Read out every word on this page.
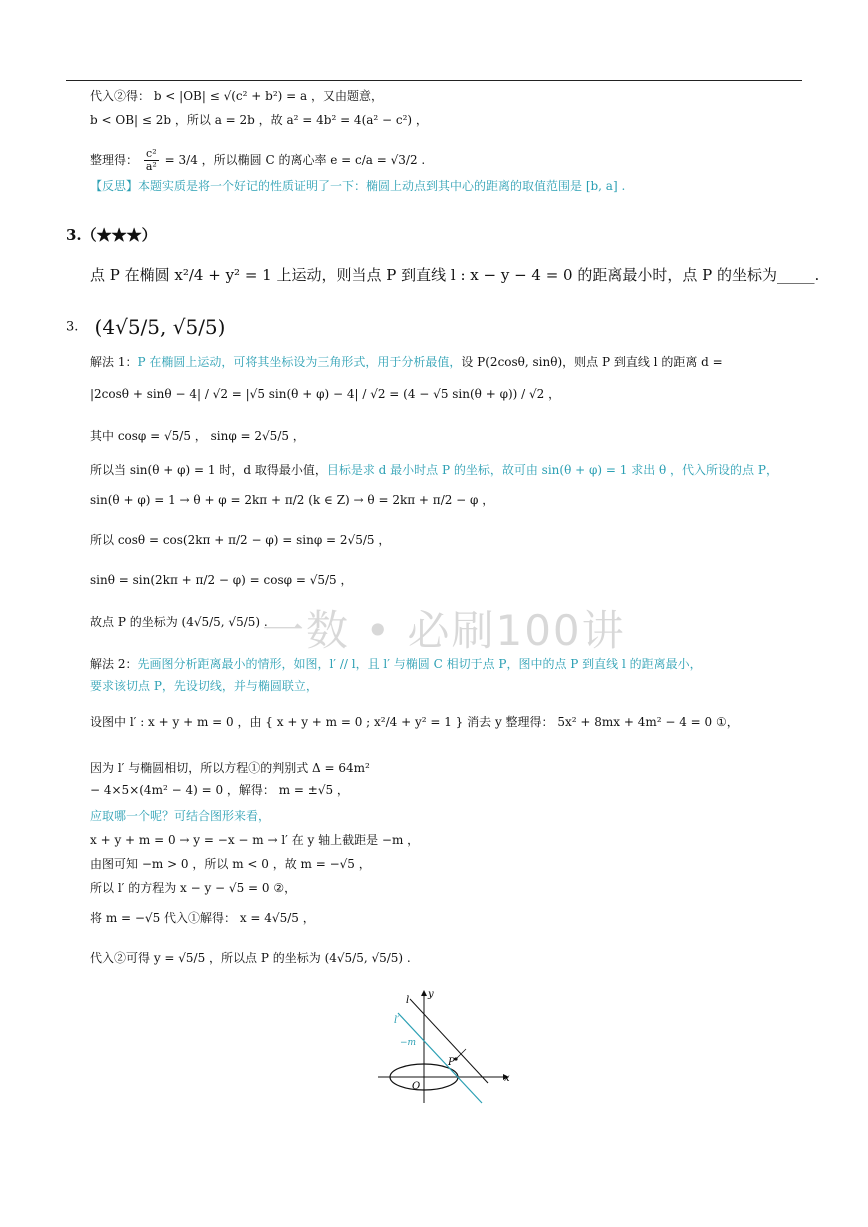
代入②得： b < |OB| ≤ √(c² + b²) = a ，又由题意，
b < OB| ≤ 2b ，所以 a = 2b ，故 a² = 4b² = 4(a² − c²) ，
整理得： $\frac{\text{c²}}{\text{a²}} = 3/4$ ，所以椭圆 C 的离心率 e = c/a = √3/2 .
【反思】本题实质是将一个好记的性质证明了一下：椭圆上动点到其中心的距离的取值范围是 [b, a] .
3.（★★★）
点 P 在椭圆 x²/4 + y² = 1 上运动，则当点 P 到直线 l : x − y − 4 = 0 的距离最小时，点 P 的坐标为_____.
3. (4√5/5, √5/5)
解法 1：P 在椭圆上运动，可将其坐标设为三角形式，用于分析最值，设 P(2cosθ, sinθ)，则点 P 到直线 l 的距离 d =
|2cosθ + sinθ − 4| / √2 = |√5 sin(θ + φ) − 4| / √2 = (4 − √5 sin(θ + φ)) / √2 ，
其中 cosφ = √5/5 ， sinφ = 2√5/5 ，
所以当 sin(θ + φ) = 1 时，d 取得最小值，目标是求 d 最小时点 P 的坐标，故可由 sin(θ + φ) = 1 求出 θ ，代入所设的点 P，
sin(θ + φ) = 1 → θ + φ = 2kπ + π/2 (k ∈ Z) → θ = 2kπ + π/2 − φ ，
所以 cosθ = cos(2kπ + π/2 − φ) = sinφ = 2√5/5 ，
sinθ = sin(2kπ + π/2 − φ) = cosφ = √5/5 ，
故点 P 的坐标为 (4√5/5, √5/5) .
一数 • 必刷100讲
解法 2：先画图分析距离最小的情形，如图，l′ // l，且 l′ 与椭圆 C 相切于点 P，图中的点 P 到直线 l 的距离最小，
要求该切点 P，先设切线，并与椭圆联立，
设图中 l′ : x + y + m = 0 ，由 { x + y + m = 0 ; x²/4 + y² = 1 } 消去 y 整理得： 5x² + 8mx + 4m² − 4 = 0 ①，
因为 l′ 与椭圆相切，所以方程①的判别式 Δ = 64m²
− 4×5×(4m² − 4) = 0 ，解得： m = ±√5 ，
应取哪一个呢？可结合图形来看，
x + y + m = 0 → y = −x − m → l′ 在 y 轴上截距是 −m ，
由图可知 −m > 0 ，所以 m < 0 ，故 m = −√5 ，
所以 l′ 的方程为 x − y − √5 = 0 ②，
将 m = −√5 代入①解得： x = 4√5/5 ，
代入②可得 y = √5/5 ，所以点 P 的坐标为 (4√5/5, √5/5) .
l
l′
y
x
−m
P
O
